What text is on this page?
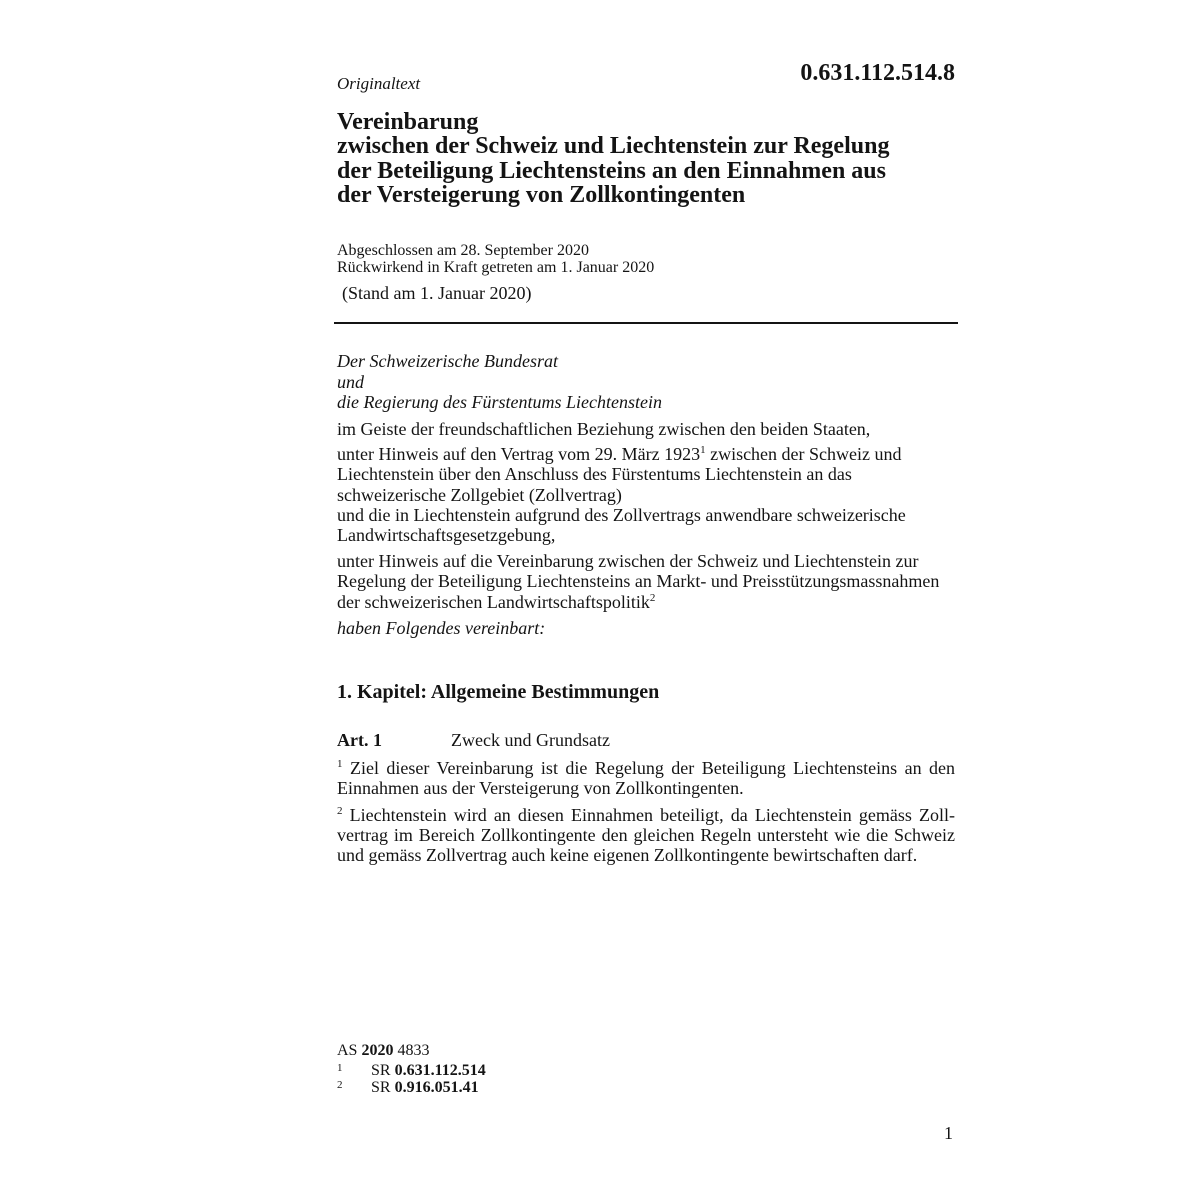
Originaltext	0.631.112.514.8
Vereinbarung
zwischen der Schweiz und Liechtenstein zur Regelung
der Beteiligung Liechtensteins an den Einnahmen aus
der Versteigerung von Zollkontingenten
Abgeschlossen am 28. September 2020
Rückwirkend in Kraft getreten am 1. Januar 2020
(Stand am 1. Januar 2020)
Der Schweizerische Bundesrat
und
die Regierung des Fürstentums Liechtenstein
im Geiste der freundschaftlichen Beziehung zwischen den beiden Staaten,
unter Hinweis auf den Vertrag vom 29. März 1923$^1$ zwischen der Schweiz und
Liechtenstein über den Anschluss des Fürstentums Liechtenstein an das
schweizerische Zollgebiet (Zollvertrag)
und die in Liechtenstein aufgrund des Zollvertrags anwendbare schweizerische
Landwirtschaftsgesetzgebung,
unter Hinweis auf die Vereinbarung zwischen der Schweiz und Liechtenstein zur
Regelung der Beteiligung Liechtensteins an Markt- und Preisstützungsmassnahmen
der schweizerischen Landwirtschaftspolitik$^2$
haben Folgendes vereinbart:
1. Kapitel: Allgemeine Bestimmungen
Art. 1	Zweck und Grundsatz
$^1$ Ziel dieser Vereinbarung ist die Regelung der Beteiligung Liechtensteins an den
Einnahmen aus der Versteigerung von Zollkontingenten.
$^2$ Liechtenstein wird an diesen Einnahmen beteiligt, da Liechtenstein gemäss Zoll-
vertrag im Bereich Zollkontingente den gleichen Regeln untersteht wie die Schweiz
und gemäss Zollvertrag auch keine eigenen Zollkontingente bewirtschaften darf.
AS 2020 4833
1 SR 0.631.112.514
2 SR 0.916.051.41
1
